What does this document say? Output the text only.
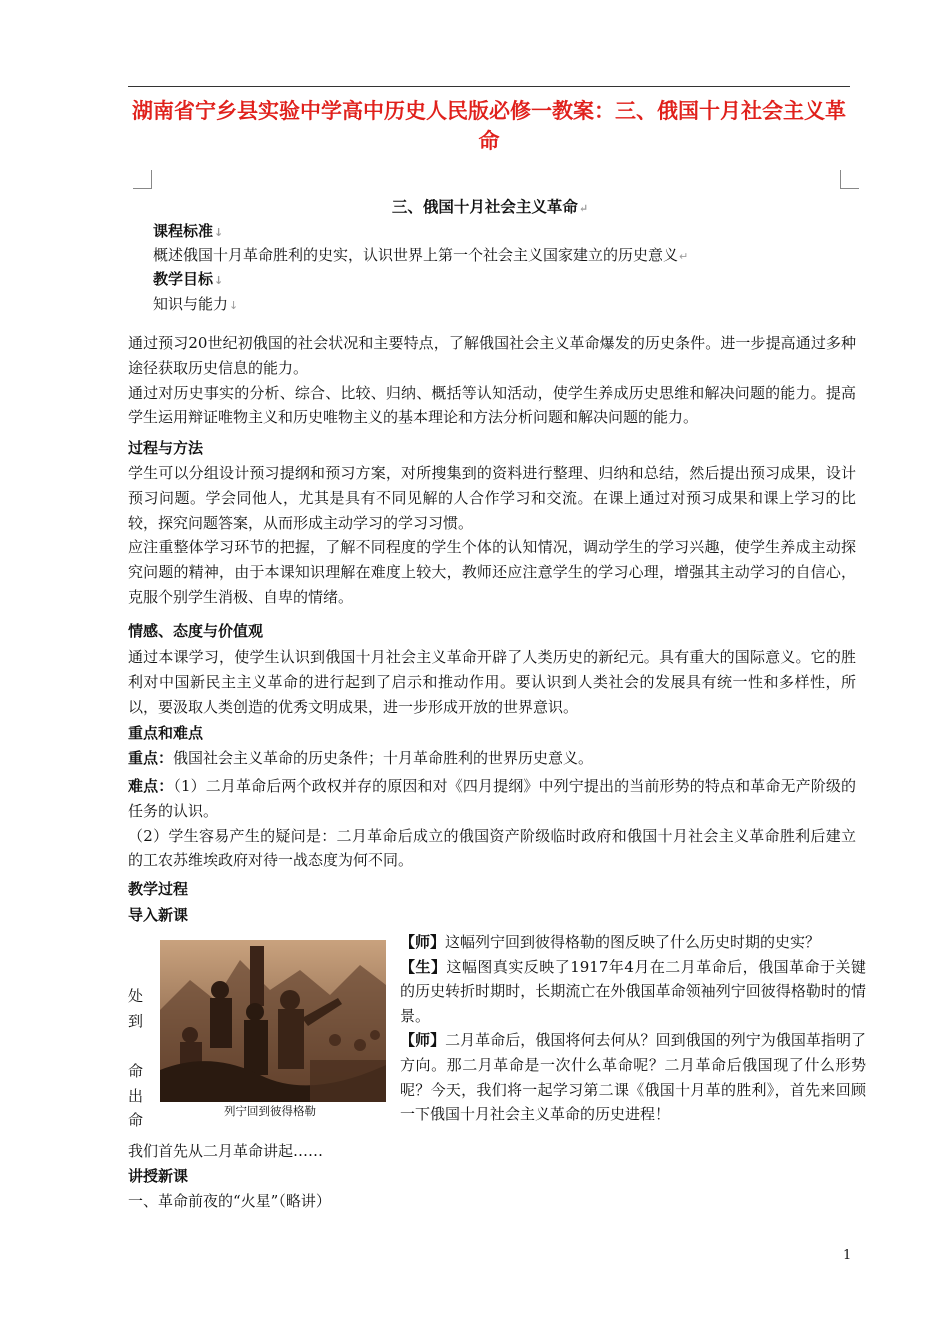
湖南省宁乡县实验中学高中历史人民版必修一教案：三、俄国十月社会主义革命
三、俄国十月社会主义革命↵
课程标准↓
概述俄国十月革命胜利的史实，认识世界上第一个社会主义国家建立的历史意义↵
教学目标↓
知识与能力↓

通过预习20世纪初俄国的社会状况和主要特点，了解俄国社会主义革命爆发的历史条件。进一步提高通过多种途径获取历史信息的能力。

通过对历史事实的分析、综合、比较、归纳、概括等认知活动，使学生养成历史思维和解决问题的能力。提高学生运用辩证唯物主义和历史唯物主义的基本理论和方法分析问题和解决问题的能力。

过程与方法

学生可以分组设计预习提纲和预习方案，对所搜集到的资料进行整理、归纳和总结，然后提出预习成果，设计预习问题。学会同他人，尤其是具有不同见解的人合作学习和交流。在课上通过对预习成果和课上学习的比较，探究问题答案，从而形成主动学习的学习习惯。

应注重整体学习环节的把握，了解不同程度的学生个体的认知情况，调动学生的学习兴趣，使学生养成主动探究问题的精神，由于本课知识理解在难度上较大，教师还应注意学生的学习心理，增强其主动学习的自信心，克服个别学生消极、自卑的情绪。

情感、态度与价值观
通过本课学习，使学生认识到俄国十月社会主义革命开辟了人类历史的新纪元。具有重大的国际意义。它的胜利对中国新民主主义革命的进行起到了启示和推动作用。要认识到人类社会的发展具有统一性和多样性，所以，要汲取人类创造的优秀文明成果，进一步形成开放的世界意识。
重点和难点
重点：俄国社会主义革命的历史条件；十月革命胜利的世界历史意义。

难点：（1）二月革命后两个政权并存的原因和对《四月提纲》中列宁提出的当前形势的特点和革命无产阶级的任务的认识。

（2）学生容易产生的疑问是：二月革命后成立的俄国资产阶级临时政府和俄国十月社会主义革命胜利后建立的工农苏维埃政府对待一战态度为何不同。

教学过程
导入新课
列宁回到彼得格勒
处
到
命
出
命

【师】这幅列宁回到彼得格勒的图反映了什么历史时期的史实？

【生】这幅图真实反映了1917年4月在二月革命后，俄国革命于关键的历史转折时期时，长期流亡在外俄国革命领袖列宁回彼得格勒时的情景。

【师】二月革命后，俄国将何去何从？回到俄国的列宁为俄国革指明了方向。那二月革命是一次什么革命呢？二月革命后俄国现了什么形势呢？今天，我们将一起学习第二课《俄国十月革的胜利》，首先来回顾一下俄国十月社会主义革命的历史进程！

我们首先从二月革命讲起……
讲授新课
一、革命前夜的“火星”（略讲）
1
